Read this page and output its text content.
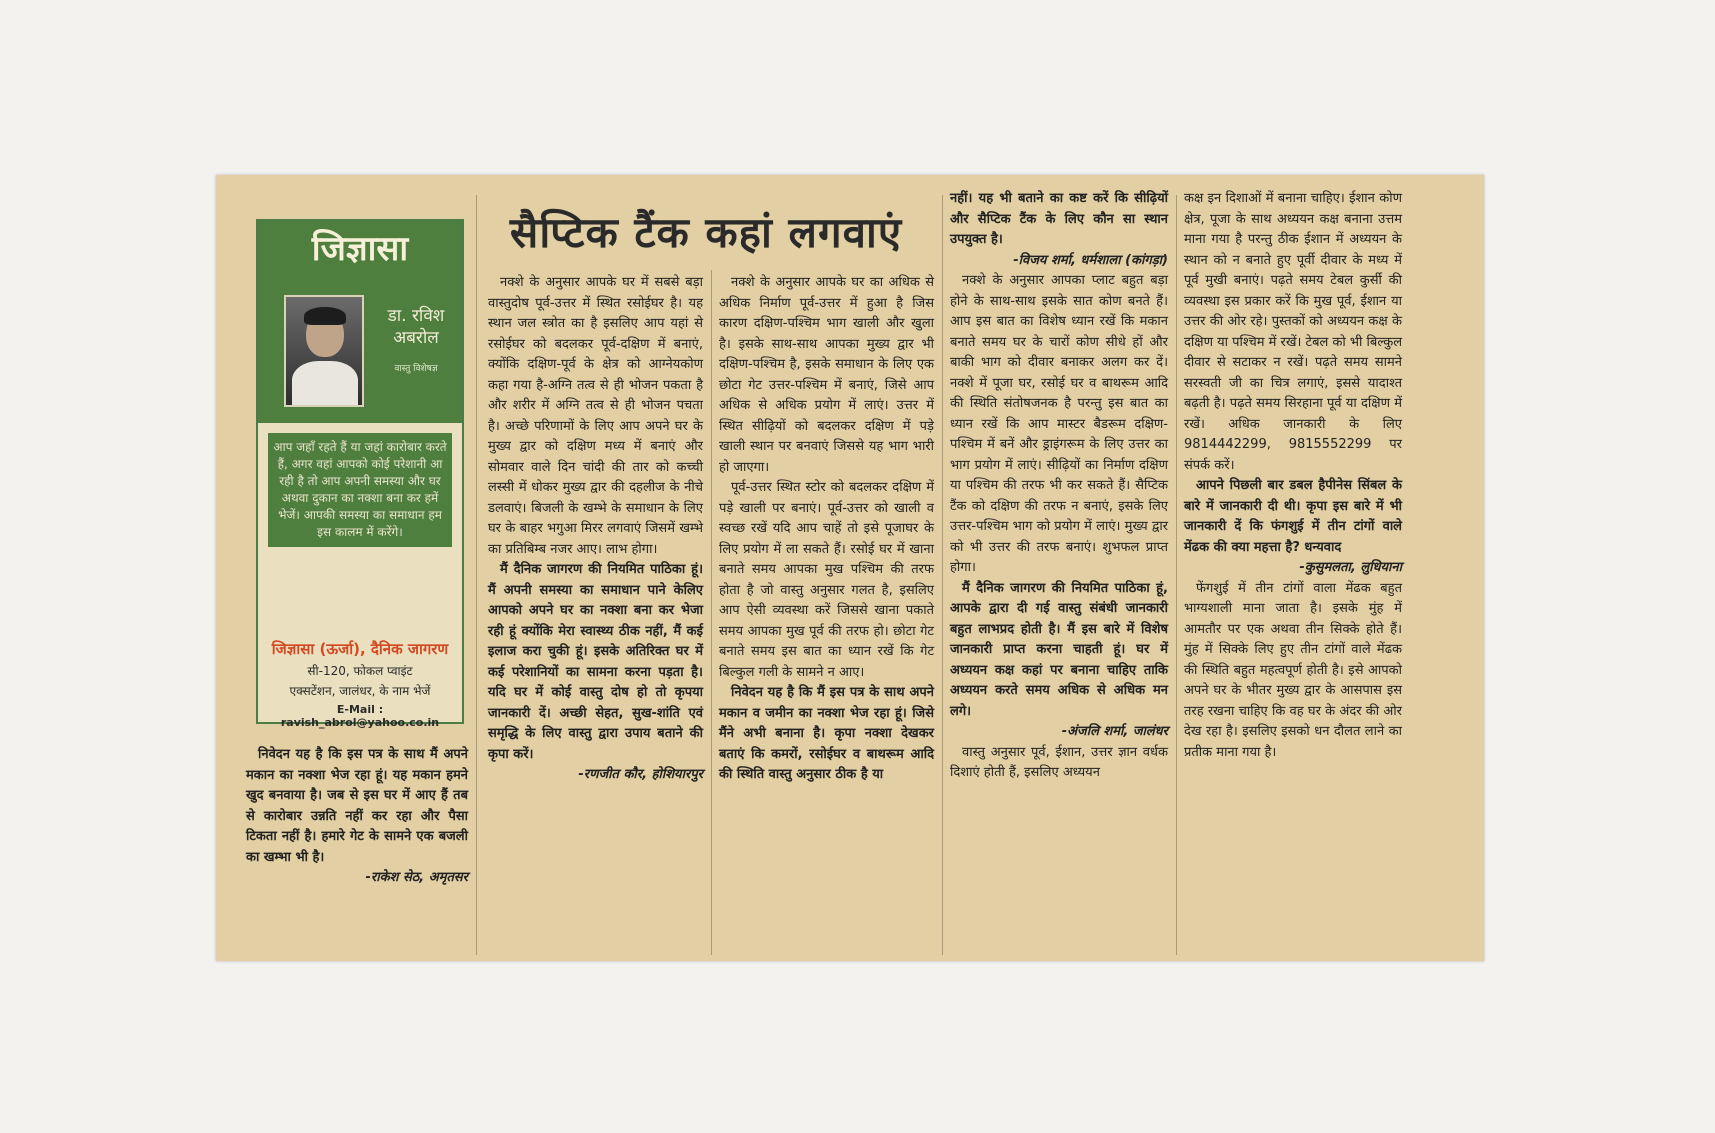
जिज्ञासा
डा. रविश अबरोल
वास्तु विशेषज्ञ
आप जहाँ रहते हैं या जहां कारोबार करते हैं, अगर वहां आपको कोई परेशानी आ रही है तो आप अपनी समस्या और घर अथवा दुकान का नक्शा बना कर हमें भेजें। आपकी समस्या का समाधान हम इस कालम में करेंगे।
जिज्ञासा (ऊर्जा), दैनिक जागरण
सी-120, फोकल प्वाइंट
एक्सटेंशन, जालंधर, के नाम भेजें
E-Mail : ravish_abrol@yahoo.co.in

निवेदन यह है कि इस पत्र के साथ मैं अपने मकान का नक्शा भेज रहा हूं। यह मकान हमने खुद बनवाया है। जब से इस घर में आए हैं तब से कारोबार उन्नति नहीं कर रहा और पैसा टिकता नहीं है। हमारे गेट के सामने एक बजली का खम्भा भी है।

-राकेश सेठ, अमृतसर

सैप्टिक टैंक कहां लगवाएं

नक्शे के अनुसार आपके घर में सबसे बड़ा वास्तुदोष पूर्व-उत्तर में स्थित रसोईघर है। यह स्थान जल स्त्रोत का है इसलिए आप यहां से रसोईघर को बदलकर पूर्व-दक्षिण में बनाएं, क्योंकि दक्षिण-पूर्व के क्षेत्र को आग्नेयकोण कहा गया है-अग्नि तत्व से ही भोजन पकता है और शरीर में अग्नि तत्व से ही भोजन पचता है। अच्छे परिणामों के लिए आप अपने घर के मुख्य द्वार को दक्षिण मध्य में बनाएं और सोमवार वाले दिन चांदी की तार को कच्ची लस्सी में धोकर मुख्य द्वार की दहलीज के नीचे डलवाएं। बिजली के खम्भे के समाधान के लिए घर के बाहर भगुआ मिरर लगवाएं जिसमें खम्भे का प्रतिबिम्ब नजर आए। लाभ होगा।

मैं दैनिक जागरण की नियमित पाठिका हूं। मैं अपनी समस्या का समाधान पाने केलिए आपको अपने घर का नक्शा बना कर भेजा रही हूं क्योंकि मेरा स्वास्थ्य ठीक नहीं, मैं कई इलाज करा चुकी हूं। इसके अतिरिक्त घर में कई परेशानियों का सामना करना पड़ता है। यदि घर में कोई वास्तु दोष हो तो कृपया जानकारी दें। अच्छी सेहत, सुख-शांति एवं समृद्धि के लिए वास्तु द्वारा उपाय बताने की कृपा करें।

-रणजीत कौर, होशियारपुर

नक्शे के अनुसार आपके घर का अधिक से अधिक निर्माण पूर्व-उत्तर में हुआ है जिस कारण दक्षिण-पश्चिम भाग खाली और खुला है। इसके साथ-साथ आपका मुख्य द्वार भी दक्षिण-पश्चिम है, इसके समाधान के लिए एक छोटा गेट उत्तर-पश्चिम में बनाएं, जिसे आप अधिक से अधिक प्रयोग में लाएं। उत्तर में स्थित सीढ़ियों को बदलकर दक्षिण में पड़े खाली स्थान पर बनवाएं जिससे यह भाग भारी हो जाएगा।

पूर्व-उत्तर स्थित स्टोर को बदलकर दक्षिण में पड़े खाली पर बनाएं। पूर्व-उत्तर को खाली व स्वच्छ रखें यदि आप चाहें तो इसे पूजाघर के लिए प्रयोग में ला सकते हैं। रसोई घर में खाना बनाते समय आपका मुख पश्चिम की तरफ होता है जो वास्तु अनुसार गलत है, इसलिए आप ऐसी व्यवस्था करें जिससे खाना पकाते समय आपका मुख पूर्व की तरफ हो। छोटा गेट बनाते समय इस बात का ध्यान रखें कि गेट बिल्कुल गली के सामने न आए।

निवेदन यह है कि मैं इस पत्र के साथ अपने मकान व जमीन का नक्शा भेज रहा हूं। जिसे मैंने अभी बनाना है। कृपा नक्शा देखकर बताएं कि कमरों, रसोईघर व बाथरूम आदि की स्थिति वास्तु अनुसार ठीक है या

नहीं। यह भी बताने का कष्ट करें कि सीढ़ियों और सैप्टिक टैंक के लिए कौन सा स्थान उपयुक्त है।

-विजय शर्मा, धर्मशाला (कांगड़ा)

नक्शे के अनुसार आपका प्लाट बहुत बड़ा होने के साथ-साथ इसके सात कोण बनते हैं। आप इस बात का विशेष ध्यान रखें कि मकान बनाते समय घर के चारों कोण सीधे हों और बाकी भाग को दीवार बनाकर अलग कर दें। नक्शे में पूजा घर, रसोई घर व बाथरूम आदि की स्थिति संतोषजनक है परन्तु इस बात का ध्यान रखें कि आप मास्टर बैडरूम दक्षिण-पश्चिम में बनें और ड्राइंगरूम के लिए उत्तर का भाग प्रयोग में लाएं। सीढ़ियों का निर्माण दक्षिण या पश्चिम की तरफ भी कर सकते हैं। सैप्टिक टैंक को दक्षिण की तरफ न बनाएं, इसके लिए उत्तर-पश्चिम भाग को प्रयोग में लाएं। मुख्य द्वार को भी उत्तर की तरफ बनाएं। शुभफल प्राप्त होगा।

मैं दैनिक जागरण की नियमित पाठिका हूं, आपके द्वारा दी गई वास्तु संबंधी जानकारी बहुत लाभप्रद होती है। मैं इस बारे में विशेष जानकारी प्राप्त करना चाहती हूं। घर में अध्ययन कक्ष कहां पर बनाना चाहिए ताकि अध्ययन करते समय अधिक से अधिक मन लगे।

-अंजलि शर्मा, जालंधर

वास्तु अनुसार पूर्व, ईशान, उत्तर ज्ञान वर्धक दिशाएं होती हैं, इसलिए अध्ययन

कक्ष इन दिशाओं में बनाना चाहिए। ईशान कोण क्षेत्र, पूजा के साथ अध्ययन कक्ष बनाना उत्तम माना गया है परन्तु ठीक ईशान में अध्ययन के स्थान को न बनाते हुए पूर्वी दीवार के मध्य में पूर्व मुखी बनाएं। पढ़ते समय टेबल कुर्सी की व्यवस्था इस प्रकार करें कि मुख पूर्व, ईशान या उत्तर की ओर रहे। पुस्तकों को अध्ययन कक्ष के दक्षिण या पश्चिम में रखें। टेबल को भी बिल्कुल दीवार से सटाकर न रखें। पढ़ते समय सामने सरस्वती जी का चित्र लगाएं, इससे यादाश्त बढ़ती है। पढ़ते समय सिरहाना पूर्व या दक्षिण में रखें। अधिक जानकारी के लिए 9814442299, 9815552299 पर संपर्क करें।

आपने पिछली बार डबल हैपीनेस सिंबल के बारे में जानकारी दी थी। कृपा इस बारे में भी जानकारी दें कि फंगशुई में तीन टांगों वाले मेंढक की क्या महत्ता है? धन्यवाद

-कुसुमलता, लुधियाना

फेंगशुई में तीन टांगों वाला मेंढक बहुत भाग्यशाली माना जाता है। इसके मुंह में आमतौर पर एक अथवा तीन सिक्के होते हैं। मुंह में सिक्के लिए हुए तीन टांगों वाले मेंढक की स्थिति बहुत महत्वपूर्ण होती है। इसे आपको अपने घर के भीतर मुख्य द्वार के आसपास इस तरह रखना चाहिए कि वह घर के अंदर की ओर देख रहा है। इसलिए इसको धन दौलत लाने का प्रतीक माना गया है।
